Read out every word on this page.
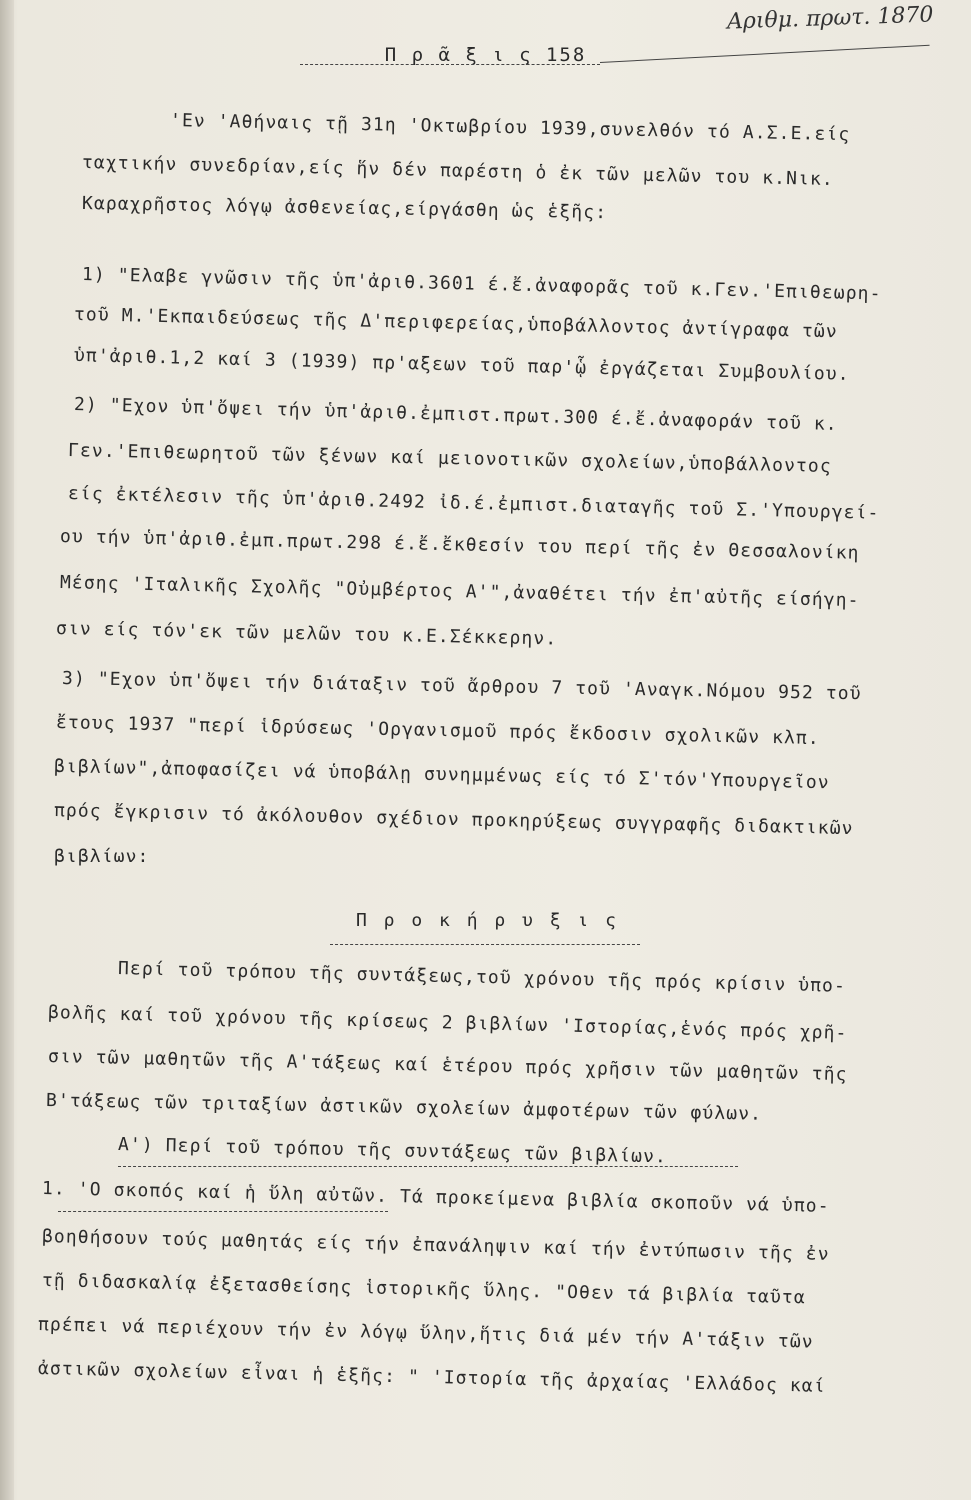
Αριθμ. πρωτ. 1870
Π ρ ᾶ ξ ι ς 158
'Εν 'Αθήναις τῇ 31η 'Οκτωβρίου 1939,συνελθόν τό Α.Σ.Ε.είς
ταχτικήν συνεδρίαν,είς ἥν δέν παρέστη ὁ ἐκ τῶν μελῶν του κ.Νικ.
Καραχρῆστος λόγῳ ἀσθενείας,είργάσθη ὡς ἑξῆς:
1) "Ελαβε γνῶσιν τῆς ὑπ'ἀριθ.3601 έ.ἔ.ἀναφορᾶς τοῦ κ.Γεν.'Επιθεωρη-
τοῦ Μ.'Εκπαιδεύσεως τῆς Δ'περιφερείας,ὑποβάλλοντος ἀντίγραφα τῶν
ὑπ'ἀριθ.1,2 καί 3 (1939) πρ'αξεων τοῦ παρ'ᾧ ἐργάζεται Συμβουλίου.
2) "Εχον ὑπ'ὄψει τήν ὑπ'ἀριθ.ἐμπιστ.πρωτ.300 έ.ἔ.ἀναφοράν τοῦ κ.
Γεν.'Επιθεωρητοῦ τῶν ξένων καί μειονοτικῶν σχολείων,ὑποβάλλοντος
είς ἐκτέλεσιν τῆς ὑπ'ἀριθ.2492 ἰδ.έ.ἐμπιστ.διαταγῆς τοῦ Σ.'Υπουργεί-
ου τήν ὑπ'ἀριθ.ἐμπ.πρωτ.298 έ.ἔ.ἔκθεσίν του περί τῆς ἐν Θεσσαλονίκη
Μέσης 'Ιταλικῆς Σχολῆς "Οὐμβέρτος Α'",ἀναθέτει τήν ἐπ'αὐτῆς είσήγη-
σιν είς τόν'εκ τῶν μελῶν του κ.Ε.Σέκκερην.
3) "Εχον ὑπ'ὄψει τήν διάταξιν τοῦ ἄρθρου 7 τοῦ 'Αναγκ.Νόμου 952 τοῦ
ἔτους 1937 "περί ἱδρύσεως 'Οργανισμοῦ πρός ἔκδοσιν σχολικῶν κλπ.
βιβλίων",ἀποφασίζει νά ὑποβάλῃ συνημμένως είς τό Σ'τόν'Υπουργεῖον
πρός ἔγκρισιν τό ἀκόλουθον σχέδιον προκηρύξεως συγγραφῆς διδακτικῶν
βιβλίων:
Π ρ ο κ ή ρ υ ξ ι ς
Περί τοῦ τρόπου τῆς συντάξεως,τοῦ χρόνου τῆς πρός κρίσιν ὑπο-
βολῆς καί τοῦ χρόνου τῆς κρίσεως 2 βιβλίων 'Ιστορίας,ἑνός πρός χρῆ-
σιν τῶν μαθητῶν τῆς Α'τάξεως καί ἑτέρου πρός χρῆσιν τῶν μαθητῶν τῆς
Β'τάξεως τῶν τριταξίων ἀστικῶν σχολείων ἀμφοτέρων τῶν φύλων.
Α') Περί τοῦ τρόπου τῆς συντάξεως τῶν βιβλίων.
1. 'Ο σκοπός καί ἡ ὕλη αὐτῶν. Τά προκείμενα βιβλία σκοποῦν νά ὑπο-
βοηθήσουν τούς μαθητάς είς τήν ἐπανάληψιν καί τήν ἐντύπωσιν τῆς ἐν
τῇ διδασκαλίᾳ ἐξετασθείσης ἱστορικῆς ὕλης. "Οθεν τά βιβλία ταῦτα
πρέπει νά περιέχουν τήν ἐν λόγῳ ὕλην,ἥτις διά μέν τήν Α'τάξιν τῶν
ἀστικῶν σχολείων εἶναι ἡ ἑξῆς: " 'Ιστορία τῆς ἀρχαίας 'Ελλάδος καί
